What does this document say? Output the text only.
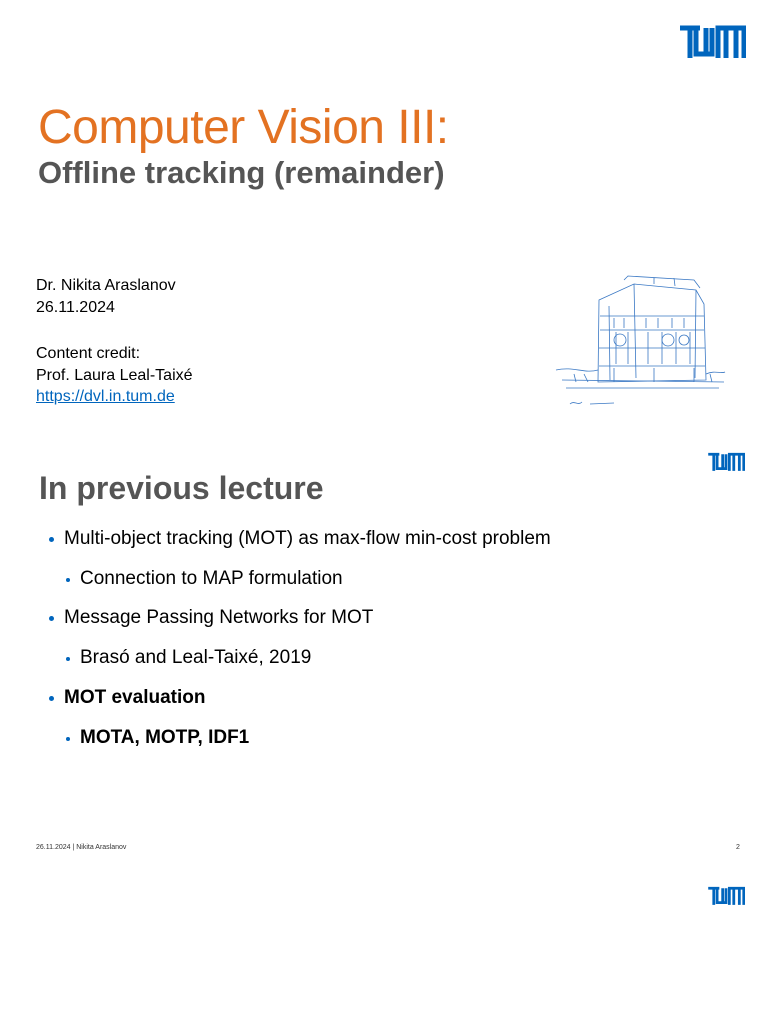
Computer Vision III:
Offline tracking (remainder)
Dr. Nikita Araslanov
26.11.2024
Content credit:
Prof. Laura Leal-Taixé
https://dvl.in.tum.de
In previous lecture
Multi-object tracking (MOT) as max-flow min-cost problem
Connection to MAP formulation
Message Passing Networks for MOT
Brasó and Leal-Taixé, 2019
MOT evaluation
MOTA, MOTP, IDF1
26.11.2024 | Nikita Araslanov	2
